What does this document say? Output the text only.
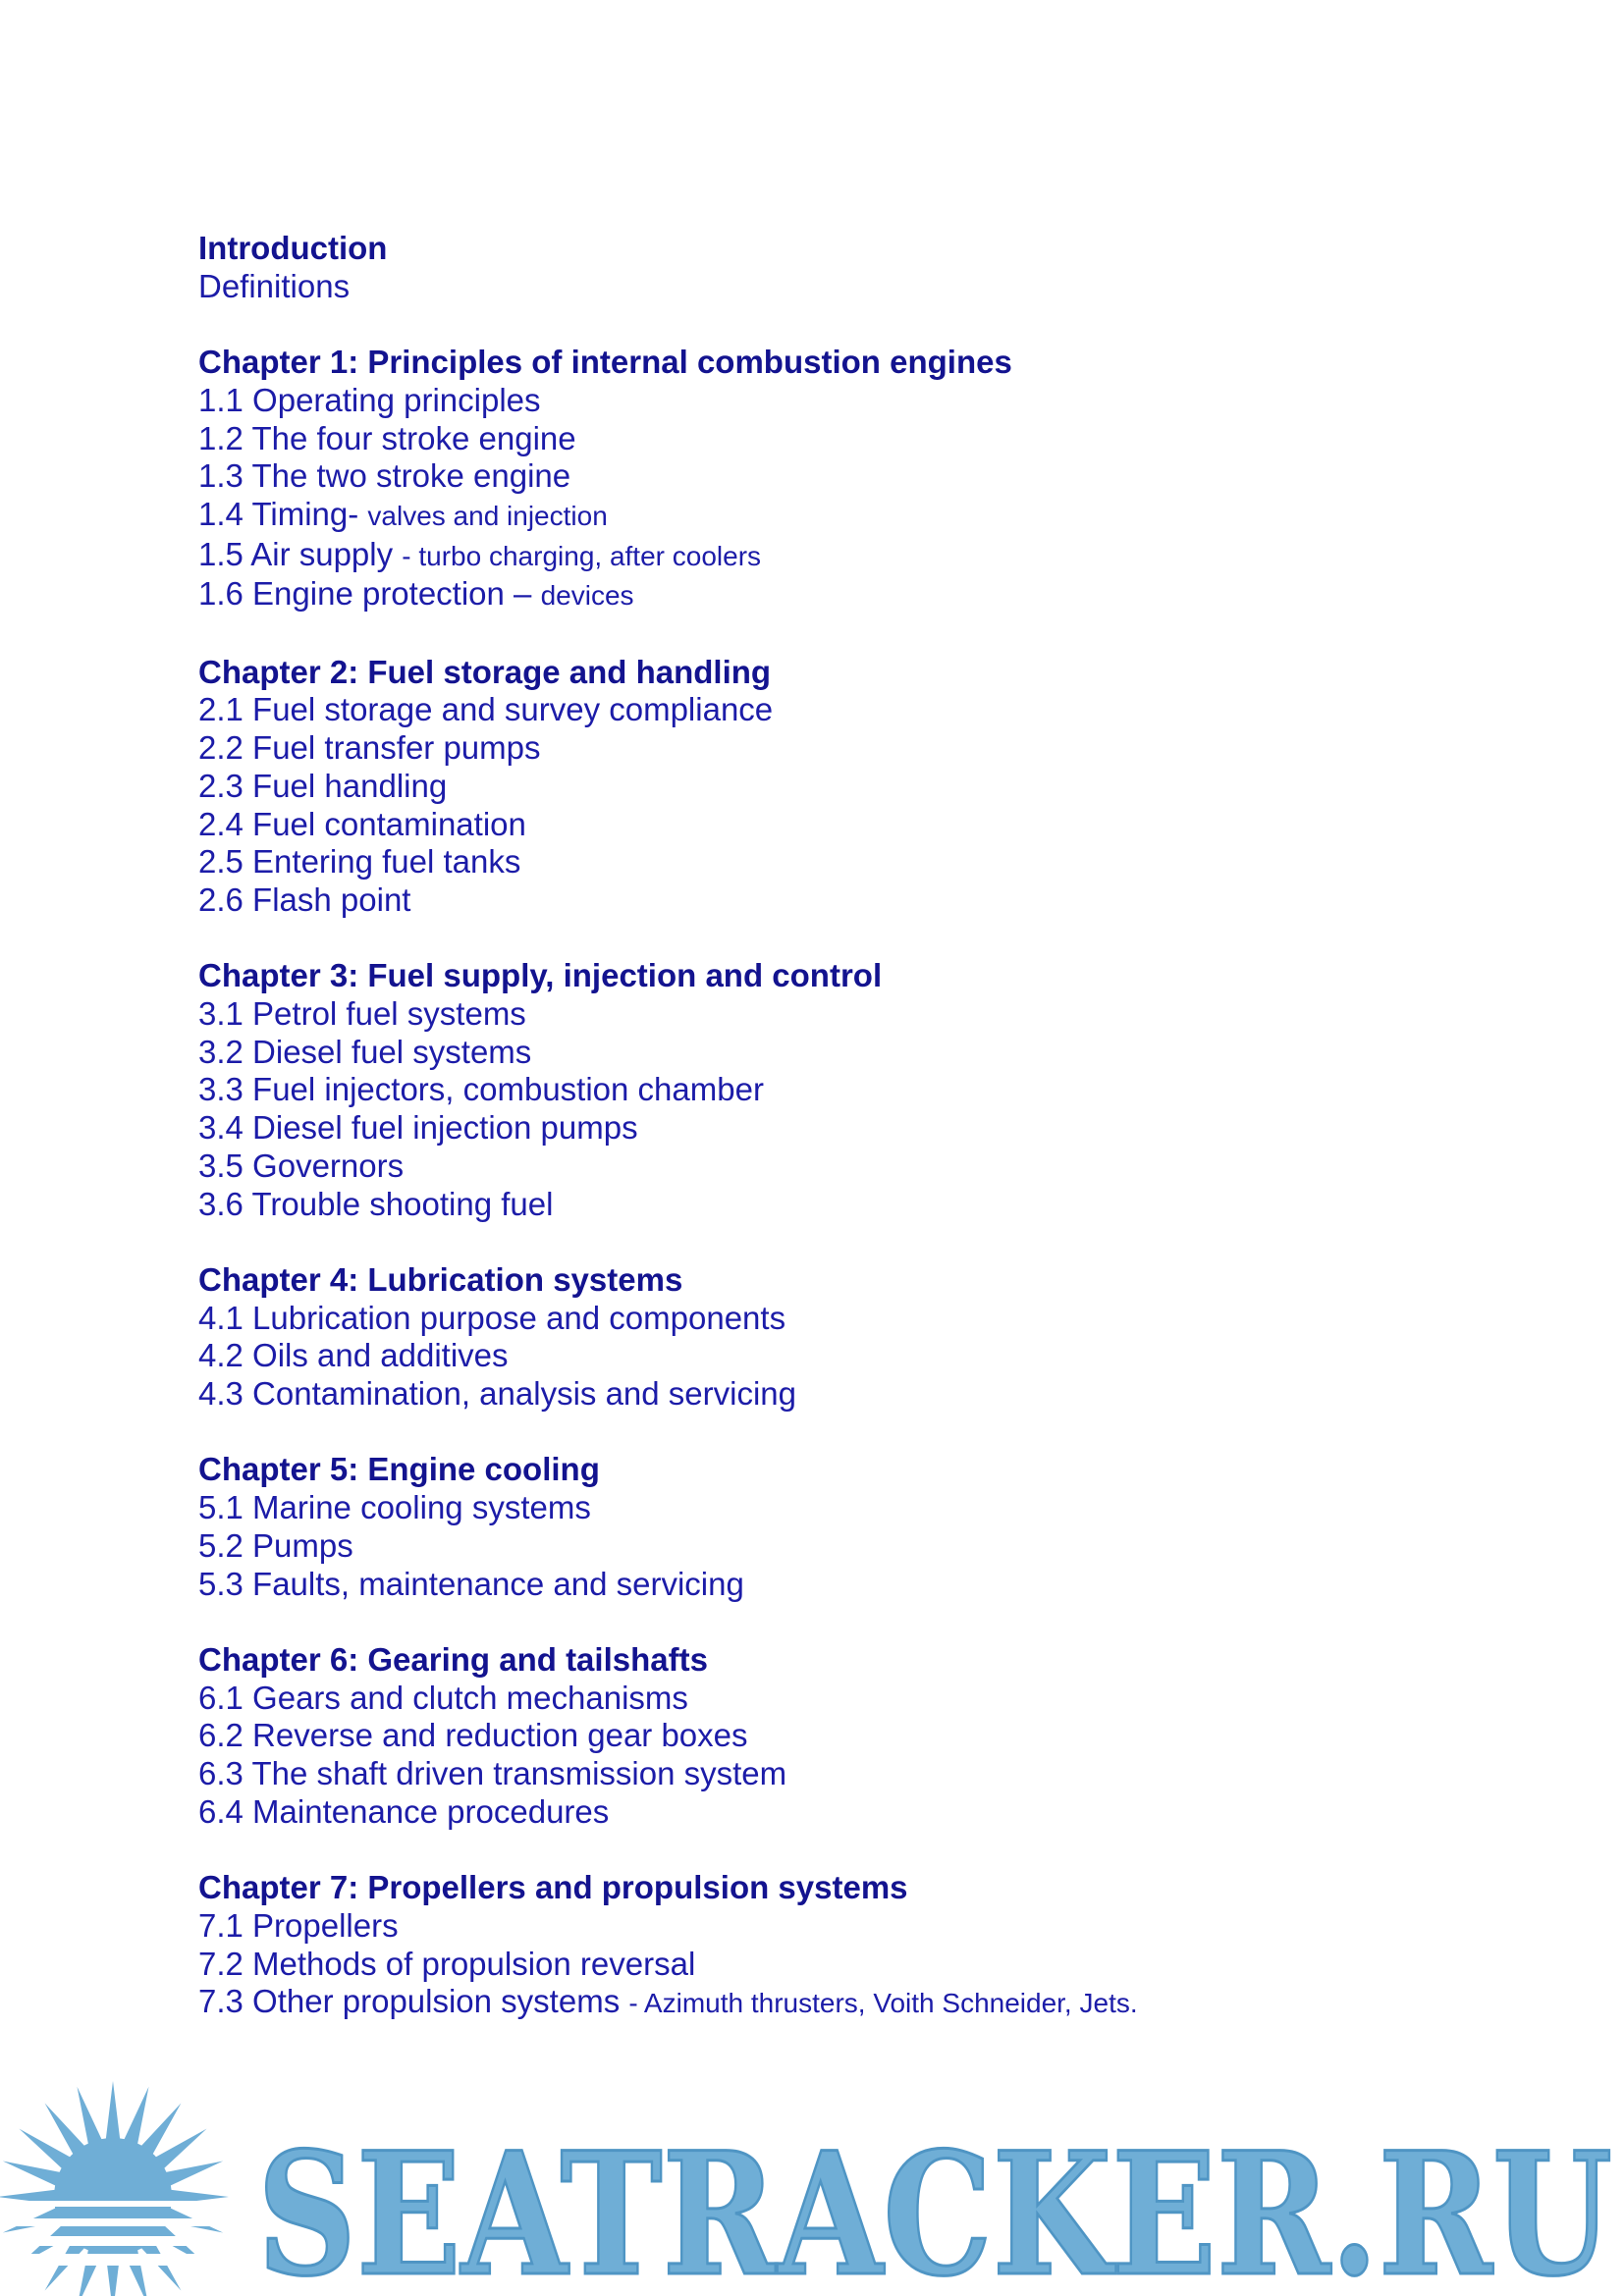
Introduction

Definitions

Chapter 1: Principles of internal combustion engines

1.1 Operating principles

1.2 The four stroke engine

1.3 The two stroke engine

1.4 Timing- valves and injection

1.5 Air supply - turbo charging, after coolers

1.6 Engine protection – devices

Chapter 2: Fuel storage and handling

2.1 Fuel storage and survey compliance

2.2 Fuel transfer pumps

2.3 Fuel handling

2.4 Fuel contamination

2.5 Entering fuel tanks

2.6 Flash point

Chapter 3: Fuel supply, injection and control

3.1 Petrol fuel systems

3.2 Diesel fuel systems

3.3 Fuel injectors, combustion chamber

3.4 Diesel fuel injection pumps

3.5 Governors

3.6 Trouble shooting fuel

Chapter 4: Lubrication systems

4.1 Lubrication purpose and components

4.2 Oils and additives

4.3 Contamination, analysis and servicing

Chapter 5: Engine cooling

5.1 Marine cooling systems

5.2 Pumps

5.3 Faults, maintenance and servicing

Chapter 6: Gearing and tailshafts

6.1 Gears and clutch mechanisms

6.2 Reverse and reduction gear boxes

6.3 The shaft driven transmission system

6.4 Maintenance procedures

Chapter 7: Propellers and propulsion systems

7.1 Propellers

7.2 Methods of propulsion reversal

7.3 Other propulsion systems - Azimuth thrusters, Voith Schneider, Jets.

SEATRACKER.RU
